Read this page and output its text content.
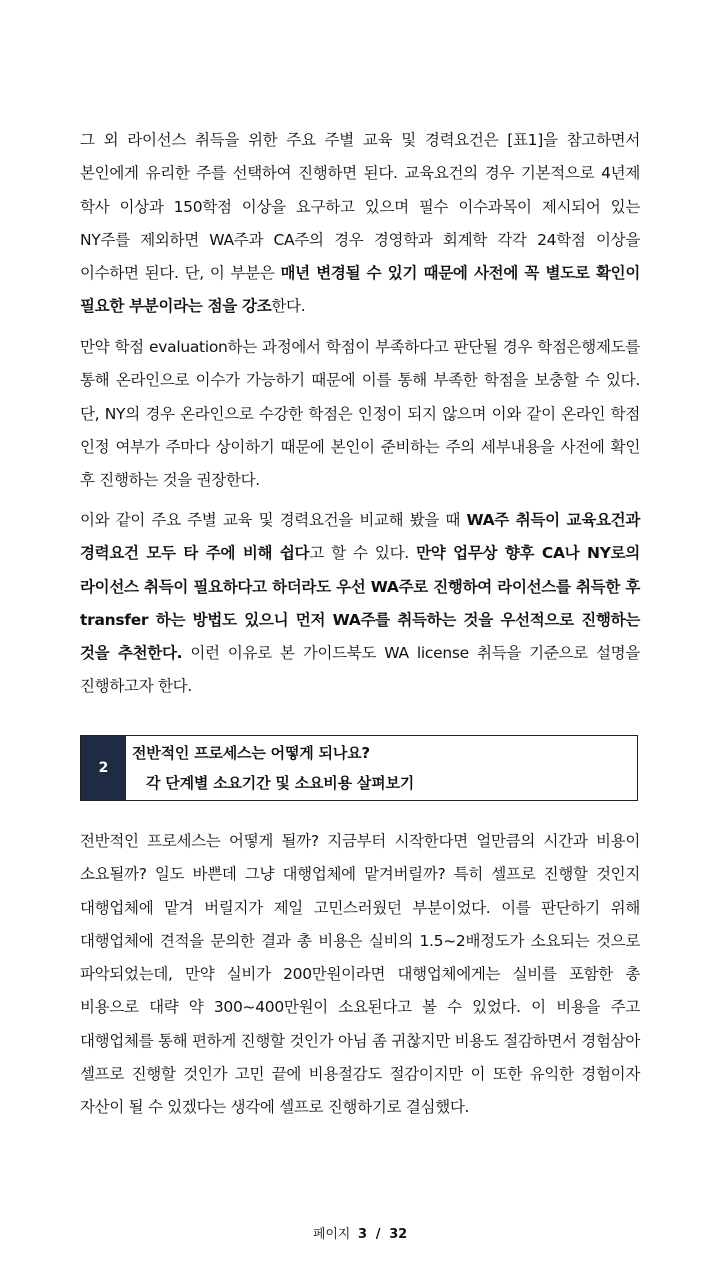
그 외 라이선스 취득을 위한 주요 주별 교육 및 경력요건은 [표1]을 참고하면서 본인에게 유리한 주를 선택하여 진행하면 된다. 교육요건의 경우 기본적으로 4년제 학사 이상과 150학점 이상을 요구하고 있으며 필수 이수과목이 제시되어 있는 NY주를 제외하면 WA주과 CA주의 경우 경영학과 회계학 각각 24학점 이상을 이수하면 된다. 단, 이 부분은 매년 변경될 수 있기 때문에 사전에 꼭 별도로 확인이 필요한 부분이라는 점을 강조한다.

만약 학점 evaluation하는 과정에서 학점이 부족하다고 판단될 경우 학점은행제도를 통해 온라인으로 이수가 가능하기 때문에 이를 통해 부족한 학점을 보충할 수 있다. 단, NY의 경우 온라인으로 수강한 학점은 인정이 되지 않으며 이와 같이 온라인 학점 인정 여부가 주마다 상이하기 때문에 본인이 준비하는 주의 세부내용을 사전에 확인 후 진행하는 것을 권장한다.

이와 같이 주요 주별 교육 및 경력요건을 비교해 봤을 때 WA주 취득이 교육요건과 경력요건 모두 타 주에 비해 쉽다고 할 수 있다. 만약 업무상 향후 CA나 NY로의 라이선스 취득이 필요하다고 하더라도 우선 WA주로 진행하여 라이선스를 취득한 후 transfer 하는 방법도 있으니 먼저 WA주를 취득하는 것을 우선적으로 진행하는 것을 추천한다. 이런 이유로 본 가이드북도 WA license 취득을 기준으로 설명을 진행하고자 한다.

2
전반적인 프로세스는 어떻게 되나요?
각 단계별 소요기간 및 소요비용 살펴보기

전반적인 프로세스는 어떻게 될까? 지금부터 시작한다면 얼만큼의 시간과 비용이 소요될까? 일도 바쁜데 그냥 대행업체에 맡겨버릴까? 특히 셀프로 진행할 것인지 대행업체에 맡겨 버릴지가 제일 고민스러웠던 부분이었다. 이를 판단하기 위해 대행업체에 견적을 문의한 결과 총 비용은 실비의 1.5~2배정도가 소요되는 것으로 파악되었는데, 만약 실비가 200만원이라면 대행업체에게는 실비를 포함한 총 비용으로 대략 약 300~400만원이 소요된다고 볼 수 있었다. 이 비용을 주고 대행업체를 통해 편하게 진행할 것인가 아님 좀 귀찮지만 비용도 절감하면서 경험삼아 셀프로 진행할 것인가 고민 끝에 비용절감도 절감이지만 이 또한 유익한 경험이자 자산이 될 수 있겠다는 생각에 셀프로 진행하기로 결심했다.

페이지 3 / 32
